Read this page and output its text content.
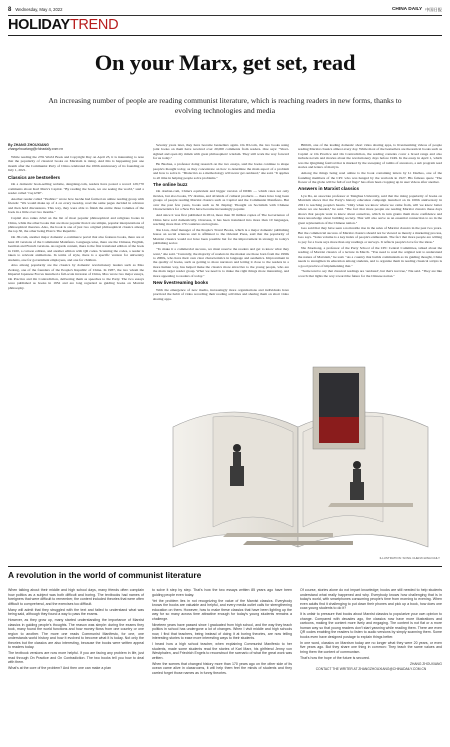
8 Wednesday, May 4, 2022	CHINA DAILY 中国日报
HOLIDAYTREND
On your Marx, get set, read

An increasing number of people are reading communist literature, which is reaching readers in new forms, thanks to evolving technologies and media

By ZHANG ZHOUXIANG
zhangzhouxiang@chinadaily.com.cn

While reading the 27th World Book and Copyright Day on April 23, it is interesting to note that the popularity of classical books on Marxism is rising. And this is happening just one month after the Communist Party of China celebrated the 100th anniversary of its founding on July 1, 2021.

Classics are bestsellers

On a domestic book-selling website, dangdang.com, readers have posted a record 129,770 comments about Karl Marx's Capital. "By reading the book, we are seeing the world," said a reader called "csq1230".

Another reader called "Yeahbro" wrote how he/she had formed an online reading group with friends: "We would make up of 4 on every tuesday, read the same pages decided in advance and then hold discussions. This way, they were able to finish the entire three volumes of the book in a little over two months."

Capital also ranks 22nd on the list of most popular philosophical and religious books in China, while the other books that are more popular than it are simple, popular interpretations of philosophical theories. Also, the book is one of just two original philosophical classics among the top 30, the other being Plato's The Republic.

On JD.com, another major domestic e-commerce portal that also features books, there are at least 20 versions of the Communist Manifesto. Language-wise, there are the Chinese, English, German and French versions. As regards content, there is the first translated edition of the book in 1920, a cartoon edition, and another edition with QR codes. Scanning the codes, a reader is taken to relevant animations. In terms of style, there is a specific version for university students, one for government employees, and one for children.

Also among popularity are the classics by domestic revolutionary leaders such as Mao Zedong, one of the founders of the People's Republic of China. In 1987, the two whom the Imperial Japanese Forces launched a full-scale invasion of China, Mao wrote two major essays, On Practice and On Contradiction, delivering them as speeches to the Party. The two essays were published as books in 1952 and are long regarded as guiding books on Marxist philosophy.

Seventy years later, they have become bestsellers again. On JD.com, the two books using joint books on them have received over 20,000 comments from readers. One says: "Short-sighted and open my minds with great philosophers' wisdom. They still work the way forward for us today."

He Baohua, a professor doing research on the two essays, said the books continue to shape people's thought today, as they concentrate on how to determine the main aspect of a problem and how to solve it. "Dialectics as a methodology will never get outdated," she said. "It applies to all time in helping people solve problems."

The online buzz

On douban.com, China's equivalent and bigger version of IMDb — which rates not only movies, but also books, TV dramas, and all kinds of cultural products — there have long been groups of people reading Marxist classics such as Capital and the Communist Manifesto. But over the past few years, books such as Xi Jinping: Thought on Socialism with Chinese Characteristics for a New Era have become increasingly popular.

And since it was first published in 2014, more than 30 million copies of The Governance of China have sold domestically. Overseas, it has been translated into more than 10 languages, reaching more than 170 countries and regions.

Xie Lian, chief manager of the People's Travel Books, which is a major domestic publishing house on social sciences and is affiliated to the Oriental Press, said that the popularity of Marxist classics would not have been possible but for the improvement in strategy in today's publishing sector.

"To make it a commercial success, we must reserve the readers and get to know what they want," she said. "Currently, the majority of readers in the market are those born from the 1990s to 2000s, who have their own clear characteristics in language and aesthetics. Improvement in the quality of books, such as getting to more narrators and letting it close to the readers in a more human way, has helped make the classics more attractive to the young people, who are the main target reader group. What we need is to make the right things more interesting, and more appealing to readers of today."

New livestreaming books

With the emergence of new media, increasingly more organizations and individuals have practiced the habit of video recording their reading activities and sharing them on short video sharing apps.

Bilibili, one of the leading domestic short video sharing apps, is livestreaming videos of people reading Marxist classics almost every day. While most of the bestsellers are theoretical books such as Capital or On Practice and On Contradiction, the reading contents cover a broad range and also include novels and movies about the revolutionary days before 1949. In the essay in April 1, which was the Qingming festival that is marked by the sweeping of tombs of ancestors, a sub program read stories and letters of martyrs.

Among the things being read online is the book containing letters by Li Dazhao, one of the founding members of the CPC who was hanged by the warlords in 1927. His famous quote "The flower of the globe will be full of red flags" has often been cropping up in user videos after another.

Answers in Marxist classics

Lyu Da, an associate professor at Tsinghua University, said that the rising popularity of books on Marxism shows that the Party's history education campaign launched on its 100th anniversary in 2021 is reaching people's hearts. "Only when we know where we came from, will we know better where we are headed," he said. "The fact that more people are reading Marxist classics these days shows that people want to know about ourselves, which in turn grants them more confidence and more knowledge about building society. That will also serve as an essential connection to us in the great rejuvenation of the Chinese nation."

Gao said that they have seen a noticeable rise in the sales of Marxist classics in the past two years. But the commercial success of Marxist classics should not be viewed as merely a marketing process, Gao says. "Sales volume is a key index of people's enthusiasm. The fact that more people are willing to pay for a book says more than any readings or surveys. It reflects people's love for the ideas."

Nie Xiaohong, a professor of the Party School of the CPC Central Committee, talked about the reading of Marxist classics of a lecture in March. "You need to read the original text to understand the nature of Marxism," he said. "As a country that builds communism as its guiding thought, China needs to strengthen its education among students, and to organize them in reading classical scripts is a good practice of implementing that."

"Some tend to say that classical readings are 'outdated', but that's not true," Nie said. "They are like a torch that lights the way toward the future for the Chinese nation."

ILLUSTRATION: SONG CHEN/CHINA DAILY
A revolution in the world of communist literature

When talking about their middle and high school days, many friends often complain how politics as a subject was both difficult and boring. The textbooks had names of foreigners that were difficult to remember, the content included theories that were often difficult to comprehend, and the exercises too difficult.

Many will admit that they struggled with the text and failed to understand what was being said, although they found a way to pass the exams.

However, as they grow up, many started understanding the importance of Marxist classics in guiding people's thoughts. The reason was simple: during the exams they took, many found the world functions and how money flows from one country or one region to another. The more one reads Communist Manifesto, for one, one understands world history and how it evolved to become what it is today. Not only the theories but the classics are also interesting, because the books were written appeal to readers today.

The textbook versions are now more helpful. If you are facing any problem in life, just read through On Practice and On Contradiction. The two books tell you how to deal with them.

What's at the core of the problem? And then one can make a plan

to solve it step by step. That's how the two essays written 85 years ago have been guiding people even today.

Yet the problem lies in not recognizing the value of the Marxist classics. Everybody knows the books are valuable and helpful, and every media outlet calls for strengthening education on them. However, how to make these classics that have been lighting up the way for so many across time attractive enough for today's young students remains a challenge.

Nineteen years have passed since I graduated from high school, and the way they teach politics in school has undergone a lot of changes. When I visit middle and high schools now, I find that teachers, being instead of doing it at boring theories, are now telling interesting stories to ease more interesting ways to their students.

I heard how a high school teacher, when explaining Communist Manifesto to her students, made some students read the stories of Karl Marx, his girlfriend Jenny von Westphalen, and Friedrich Engels to reconstruct the scenario of what the great work was written.

When the scenes that changed history more than 170 years ago on the other side of its ocean came alive in classrooms, it will help them feel the minds of students and they carried forget those names as in funny theories.

Of course, stories alone do not impart knowledge; books are still needed to help students understand what really happened and why. Everybody knows how challenging that is in today's world, with smartphones consuming people's time from morning to evening. When even adults find it challenging to put down their phones and pick up a book, how does one coax young students to do it?

It is unfair to pressure that books about Marxist classics to popularize your own opinion to change. Compared with decades ago, the classics now have more illustrations and cartoons, making the content more lively and engaging. The content is not flat or a more human way so that young readers don't start yawning while reading them. There are even QR codes enabling the readers to listen to audio versions by simply scanning them. Some books even have designed postage to explain things better.

In one word, classics on Marxism today are no longer what they were 20 years, or even five years ago. But they share one thing in common: They teach the same values and bring them the content of communism.

That's how the hope of the future is secured.

ZHANG ZHOUXIANG
CONTACT THE WRITER AT ZHANGZHOUXIANG@CHINADAILY.COM.CN
